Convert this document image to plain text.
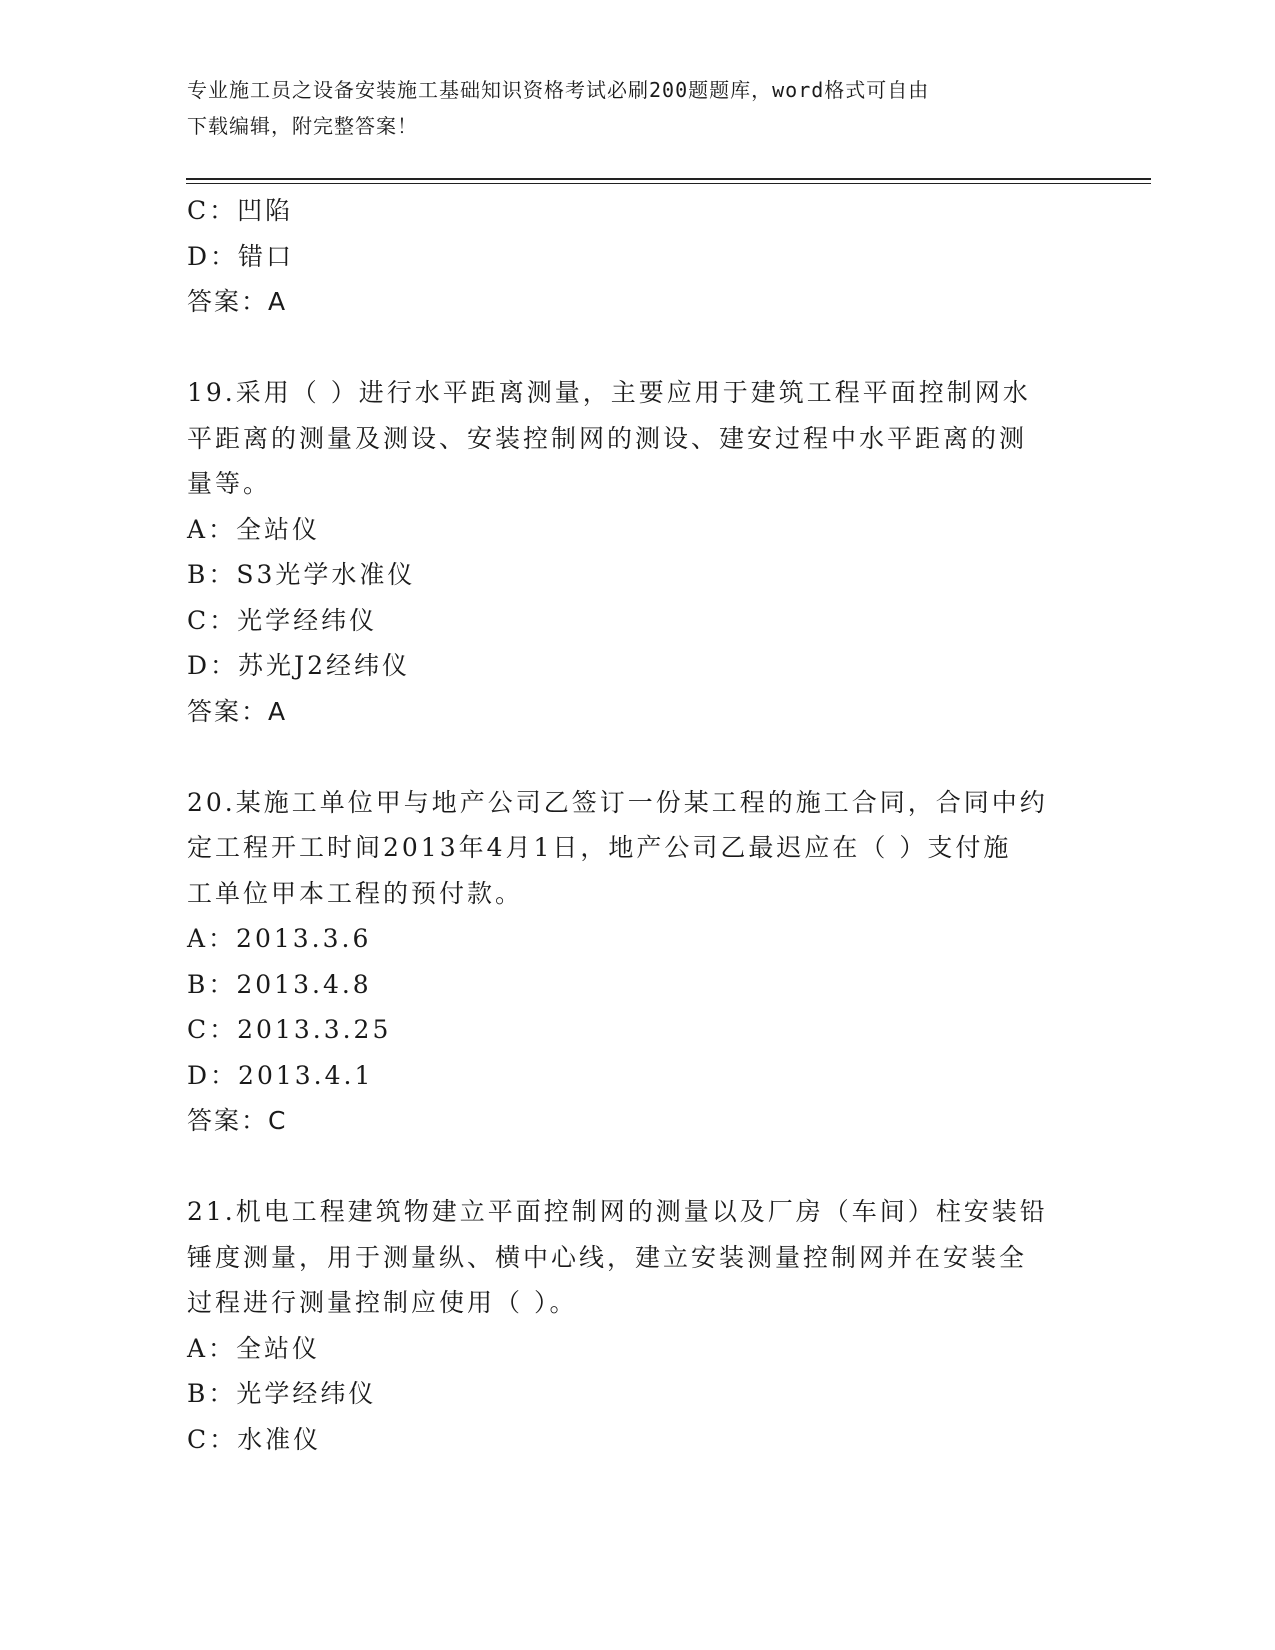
专业施工员之设备安装施工基础知识资格考试必刷200题题库，word格式可自由
下载编辑，附完整答案！
C：凹陷
D：错口
答案：A
19.采用（ ）进行水平距离测量，主要应用于建筑工程平面控制网水
平距离的测量及测设、安装控制网的测设、建安过程中水平距离的测
量等。
A：全站仪
B：S3光学水准仪
C：光学经纬仪
D：苏光J2经纬仪
答案：A
20.某施工单位甲与地产公司乙签订一份某工程的施工合同，合同中约
定工程开工时间2013年4月1日，地产公司乙最迟应在（ ）支付施
工单位甲本工程的预付款。
A：2013.3.6
B：2013.4.8
C：2013.3.25
D：2013.4.1
答案：C
21.机电工程建筑物建立平面控制网的测量以及厂房（车间）柱安装铅
锤度测量，用于测量纵、横中心线，建立安装测量控制网并在安装全
过程进行测量控制应使用（ ）。
A：全站仪
B：光学经纬仪
C：水准仪
